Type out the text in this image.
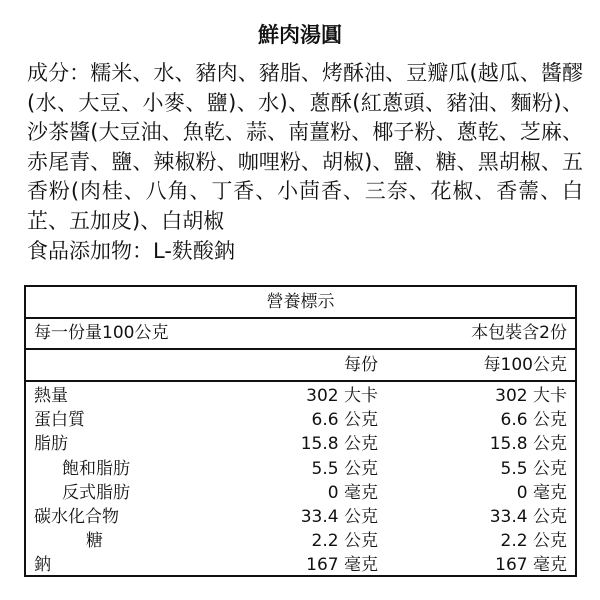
鮮肉湯圓
成分：糯米、水、豬肉、豬脂、烤酥油、豆瓣瓜(越瓜、醬醪(水、大豆、小麥、鹽)、水)、蔥酥(紅蔥頭、豬油、麵粉)、沙茶醬(大豆油、魚乾、蒜、南薑粉、椰子粉、蔥乾、芝麻、赤尾青、鹽、辣椒粉、咖哩粉、胡椒)、鹽、糖、黑胡椒、五香粉(肉桂、八角、丁香、小茴香、三奈、花椒、香薷、白芷、五加皮)、白胡椒
食品添加物：L-麩酸鈉
營養標示
每一份量100公克	本包裝含2份
每份	每100公克
熱量	302 大卡	302 大卡
蛋白質	6.6 公克	6.6 公克
脂肪	15.8 公克	15.8 公克
飽和脂肪	5.5 公克	5.5 公克
反式脂肪	0 毫克	0 毫克
碳水化合物	33.4 公克	33.4 公克
糖	2.2 公克	2.2 公克
鈉	167 毫克	167 毫克
